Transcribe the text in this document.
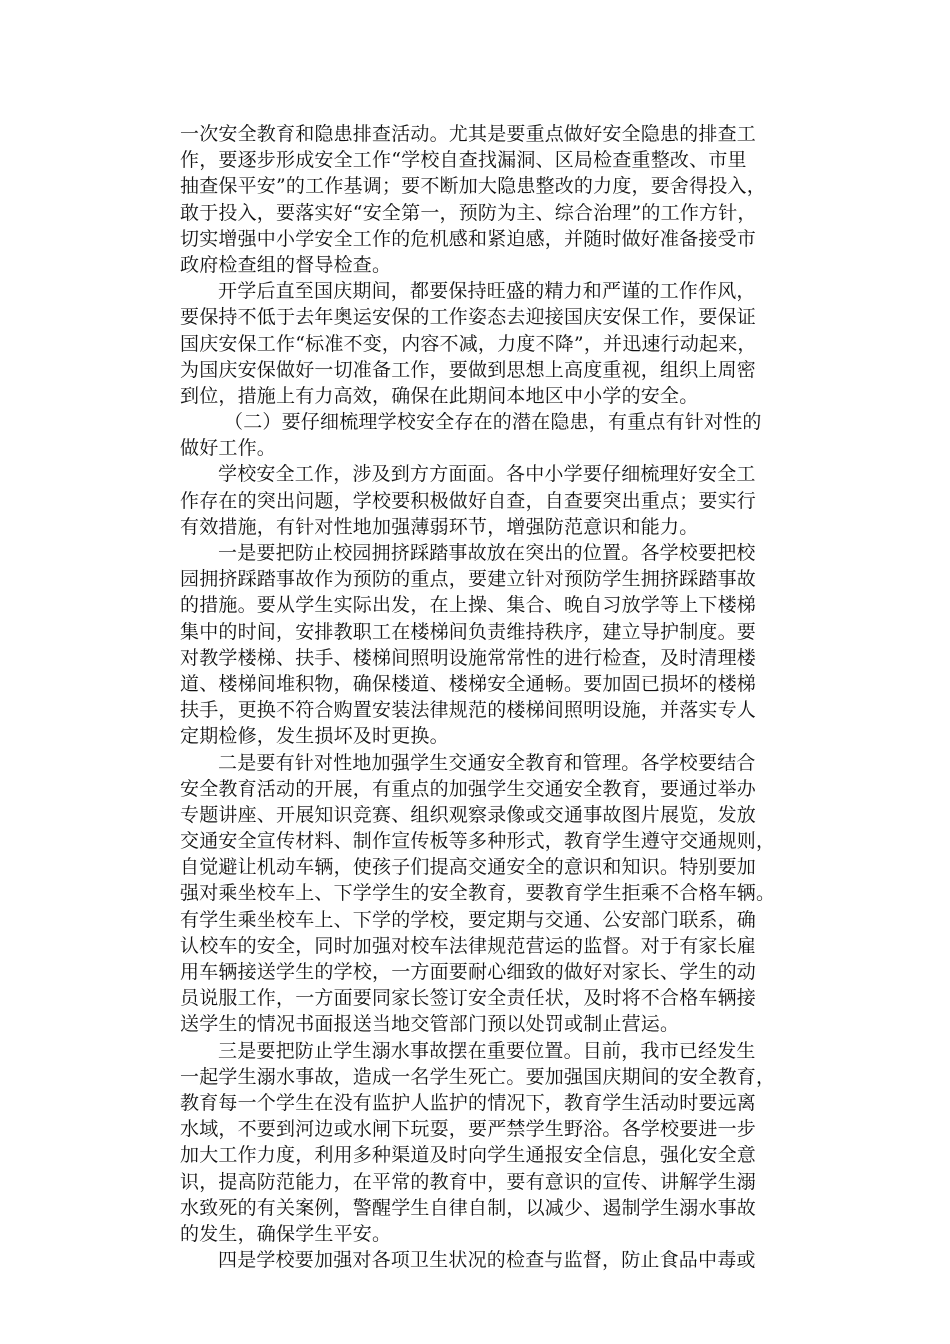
一次安全教育和隐患排查活动。尤其是要重点做好安全隐患的排查工
作，要逐步形成安全工作“学校自查找漏洞、区局检查重整改、市里
抽查保平安”的工作基调；要不断加大隐患整改的力度，要舍得投入，
敢于投入，要落实好“安全第一，预防为主、综合治理”的工作方针，
切实增强中小学安全工作的危机感和紧迫感，并随时做好准备接受市
政府检查组的督导检查。
开学后直至国庆期间，都要保持旺盛的精力和严谨的工作作风，
要保持不低于去年奥运安保的工作姿态去迎接国庆安保工作，要保证
国庆安保工作“标准不变，内容不减，力度不降”，并迅速行动起来，
为国庆安保做好一切准备工作，要做到思想上高度重视，组织上周密
到位，措施上有力高效，确保在此期间本地区中小学的安全。
（二）要仔细梳理学校安全存在的潜在隐患，有重点有针对性的
做好工作。
学校安全工作，涉及到方方面面。各中小学要仔细梳理好安全工
作存在的突出问题，学校要积极做好自查，自查要突出重点；要实行
有效措施，有针对性地加强薄弱环节，增强防范意识和能力。
一是要把防止校园拥挤踩踏事故放在突出的位置。各学校要把校
园拥挤踩踏事故作为预防的重点，要建立针对预防学生拥挤踩踏事故
的措施。要从学生实际出发，在上操、集合、晚自习放学等上下楼梯
集中的时间，安排教职工在楼梯间负责维持秩序，建立导护制度。要
对教学楼梯、扶手、楼梯间照明设施常常性的进行检查，及时清理楼
道、楼梯间堆积物，确保楼道、楼梯安全通畅。要加固已损坏的楼梯
扶手，更换不符合购置安装法律规范的楼梯间照明设施，并落实专人
定期检修，发生损坏及时更换。
二是要有针对性地加强学生交通安全教育和管理。各学校要结合
安全教育活动的开展，有重点的加强学生交通安全教育，要通过举办
专题讲座、开展知识竞赛、组织观察录像或交通事故图片展览，发放
交通安全宣传材料、制作宣传板等多种形式，教育学生遵守交通规则，
自觉避让机动车辆，使孩子们提高交通安全的意识和知识。特别要加
强对乘坐校车上、下学学生的安全教育，要教育学生拒乘不合格车辆。
有学生乘坐校车上、下学的学校，要定期与交通、公安部门联系，确
认校车的安全，同时加强对校车法律规范营运的监督。对于有家长雇
用车辆接送学生的学校，一方面要耐心细致的做好对家长、学生的动
员说服工作，一方面要同家长签订安全责任状，及时将不合格车辆接
送学生的情况书面报送当地交管部门预以处罚或制止营运。
三是要把防止学生溺水事故摆在重要位置。目前，我市已经发生
一起学生溺水事故，造成一名学生死亡。要加强国庆期间的安全教育，
教育每一个学生在没有监护人监护的情况下，教育学生活动时要远离
水域，不要到河边或水闸下玩耍，要严禁学生野浴。各学校要进一步
加大工作力度，利用多种渠道及时向学生通报安全信息，强化安全意
识，提高防范能力，在平常的教育中，要有意识的宣传、讲解学生溺
水致死的有关案例，警醒学生自律自制，以减少、遏制学生溺水事故
的发生，确保学生平安。
四是学校要加强对各项卫生状况的检查与监督，防止食品中毒或
